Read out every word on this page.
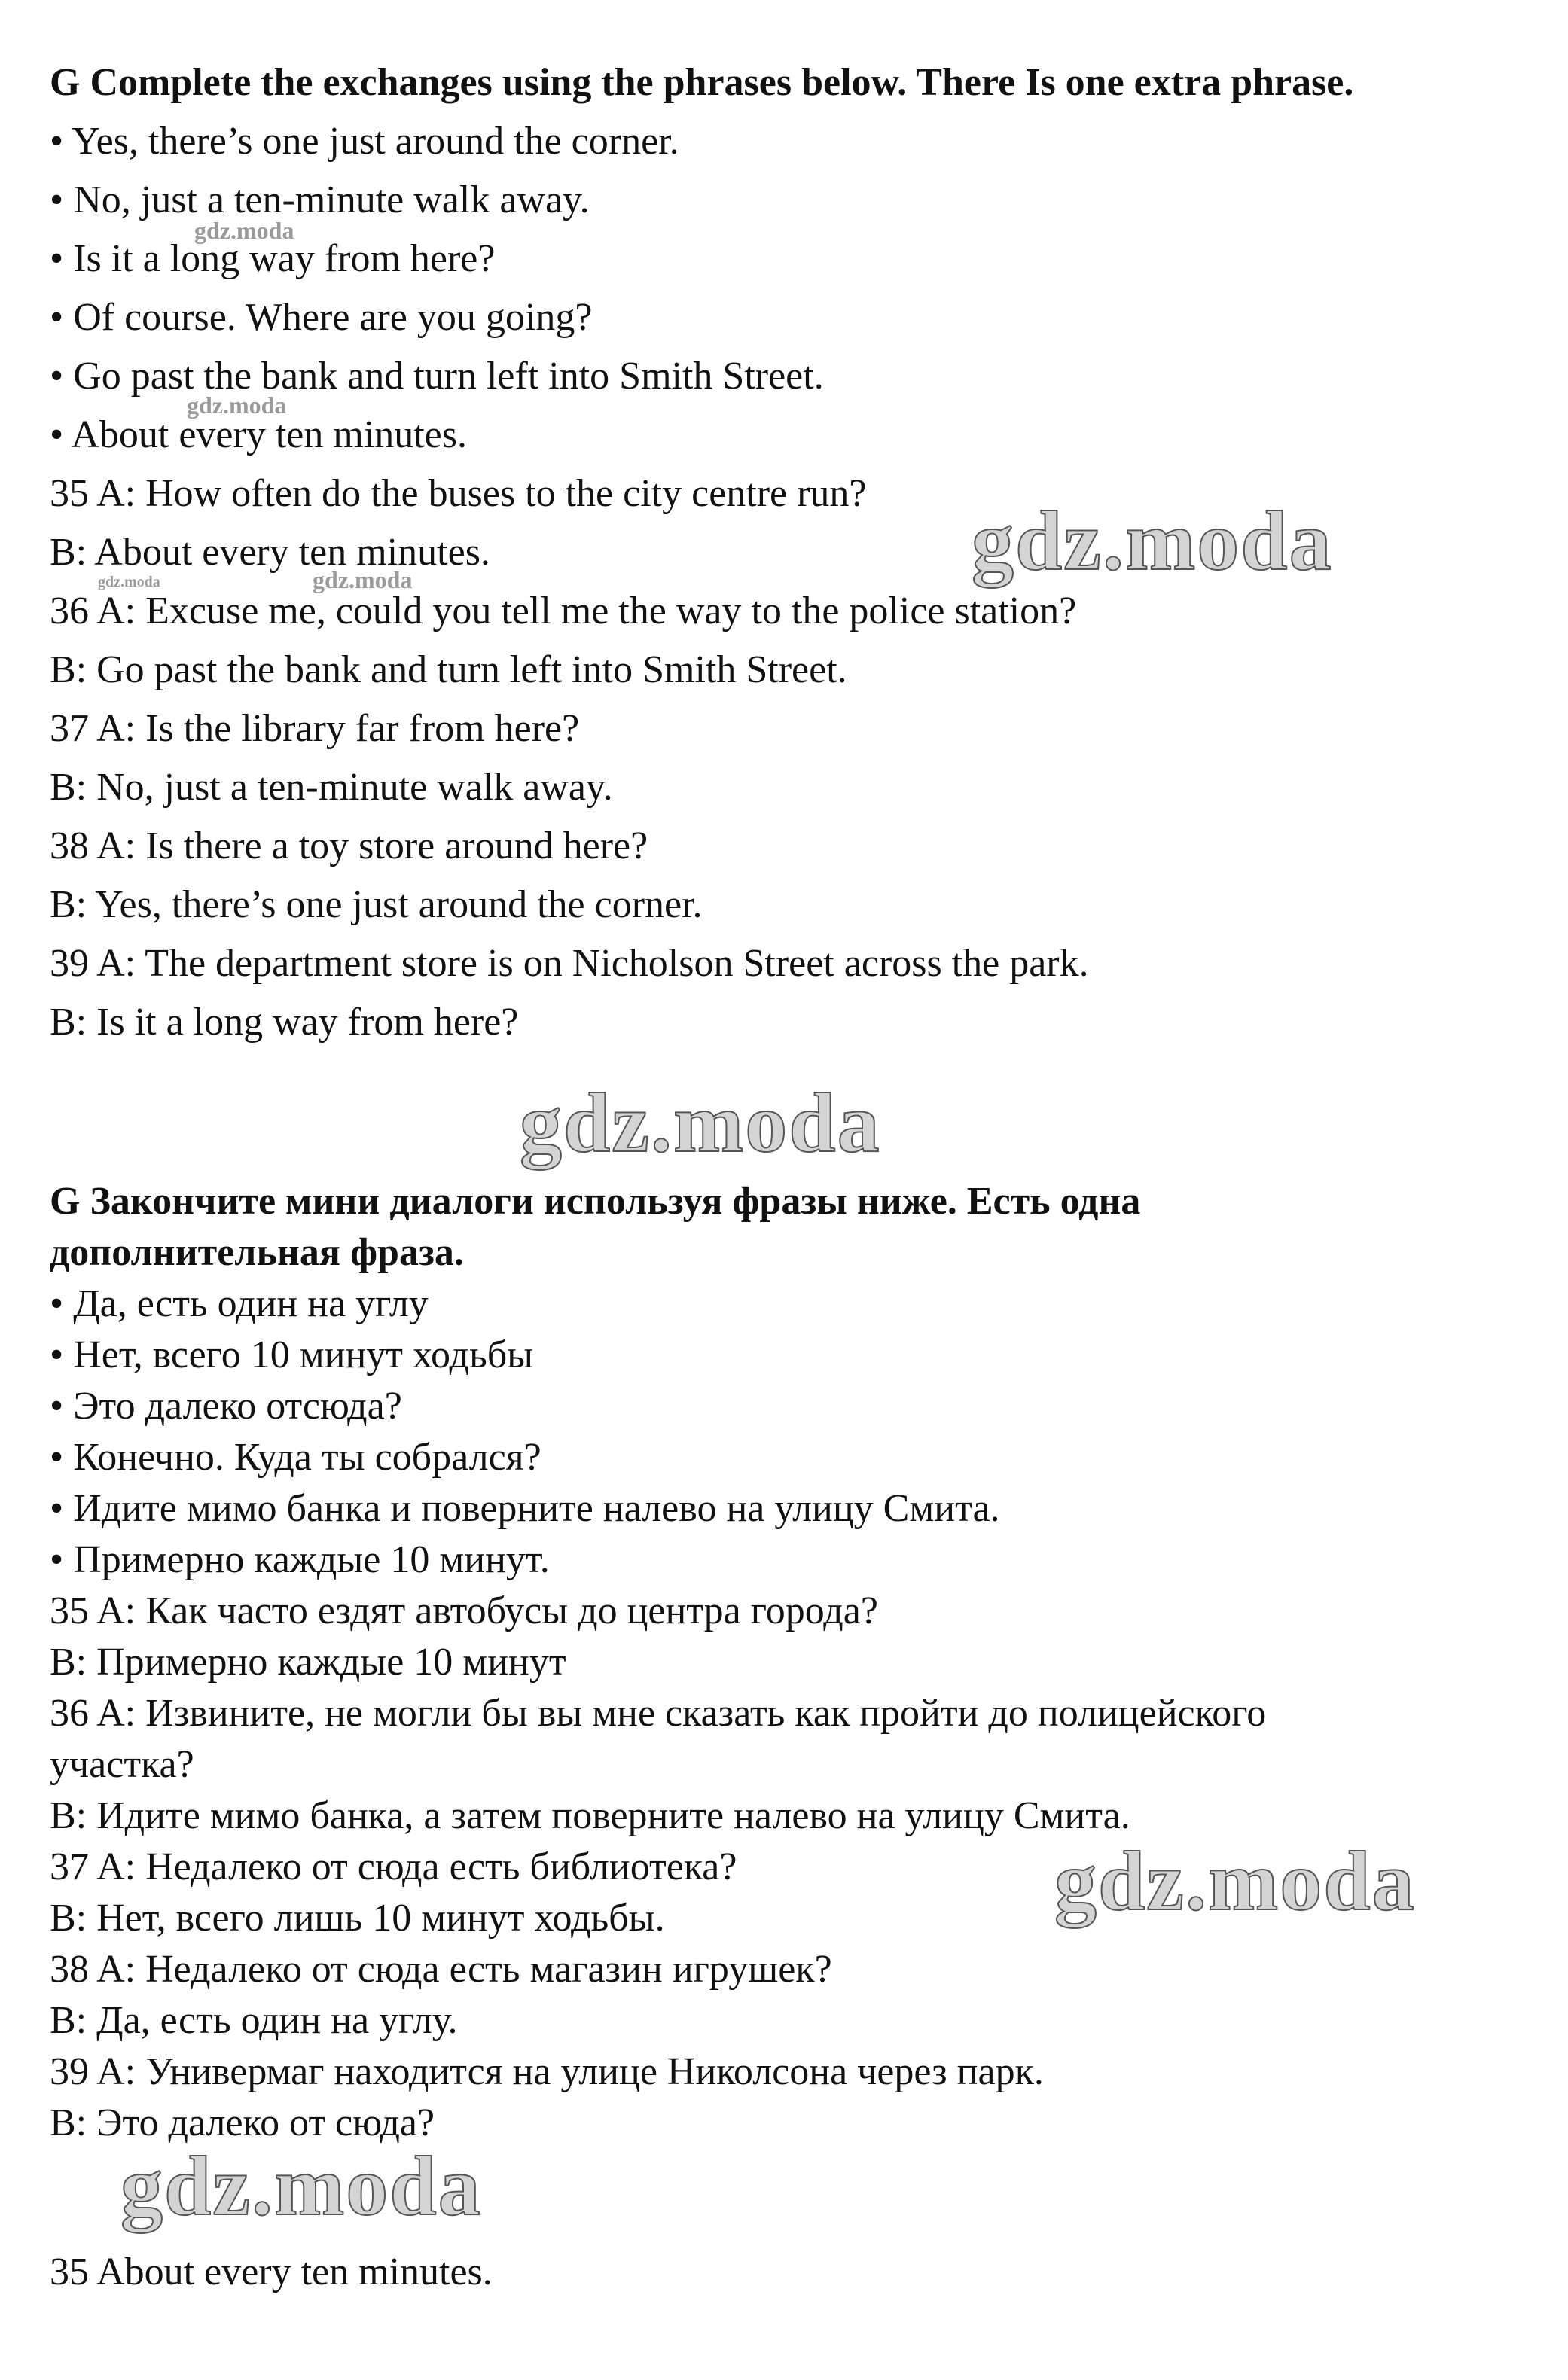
G Complete the exchanges using the phrases below. There Is one extra phrase.
• Yes, there’s one just around the corner.
• No, just a ten-minute walk away.
• Is it a long way from here?
• Of course. Where are you going?
• Go past the bank and turn left into Smith Street.
• About every ten minutes.
35 A: How often do the buses to the city centre run?
B: About every ten minutes.
36 A: Excuse me, could you tell me the way to the police station?
B: Go past the bank and turn left into Smith Street.
37 A: Is the library far from here?
B: No, just a ten-minute walk away.
38 A: Is there a toy store around here?
B: Yes, there’s one just around the corner.
39 A: The department store is on Nicholson Street across the park.
B: Is it a long way from here?
G Закончите мини диалоги используя фразы ниже. Есть одна
дополнительная фраза.
• Да, есть один на углу
• Нет, всего 10 минут ходьбы
• Это далеко отсюда?
• Конечно. Куда ты собрался?
• Идите мимо банка и поверните налево на улицу Смита.
• Примерно каждые 10 минут.
35 A: Как часто ездят автобусы до центра города?
B: Примерно каждые 10 минут
36 A: Извините, не могли бы вы мне сказать как пройти до полицейского
участка?
B: Идите мимо банка, а затем поверните налево на улицу Смита.
37 A: Недалеко от сюда есть библиотека?
B: Нет, всего лишь 10 минут ходьбы.
38 A: Недалеко от сюда есть магазин игрушек?
B: Да, есть один на углу.
39 A: Универмаг находится на улице Николсона через парк.
B: Это далеко от сюда?
35 About every ten minutes.
gdz.moda
gdz.moda
gdz.moda
gdz.moda
gdz.moda
gdz.moda
gdz.moda
gdz.moda
